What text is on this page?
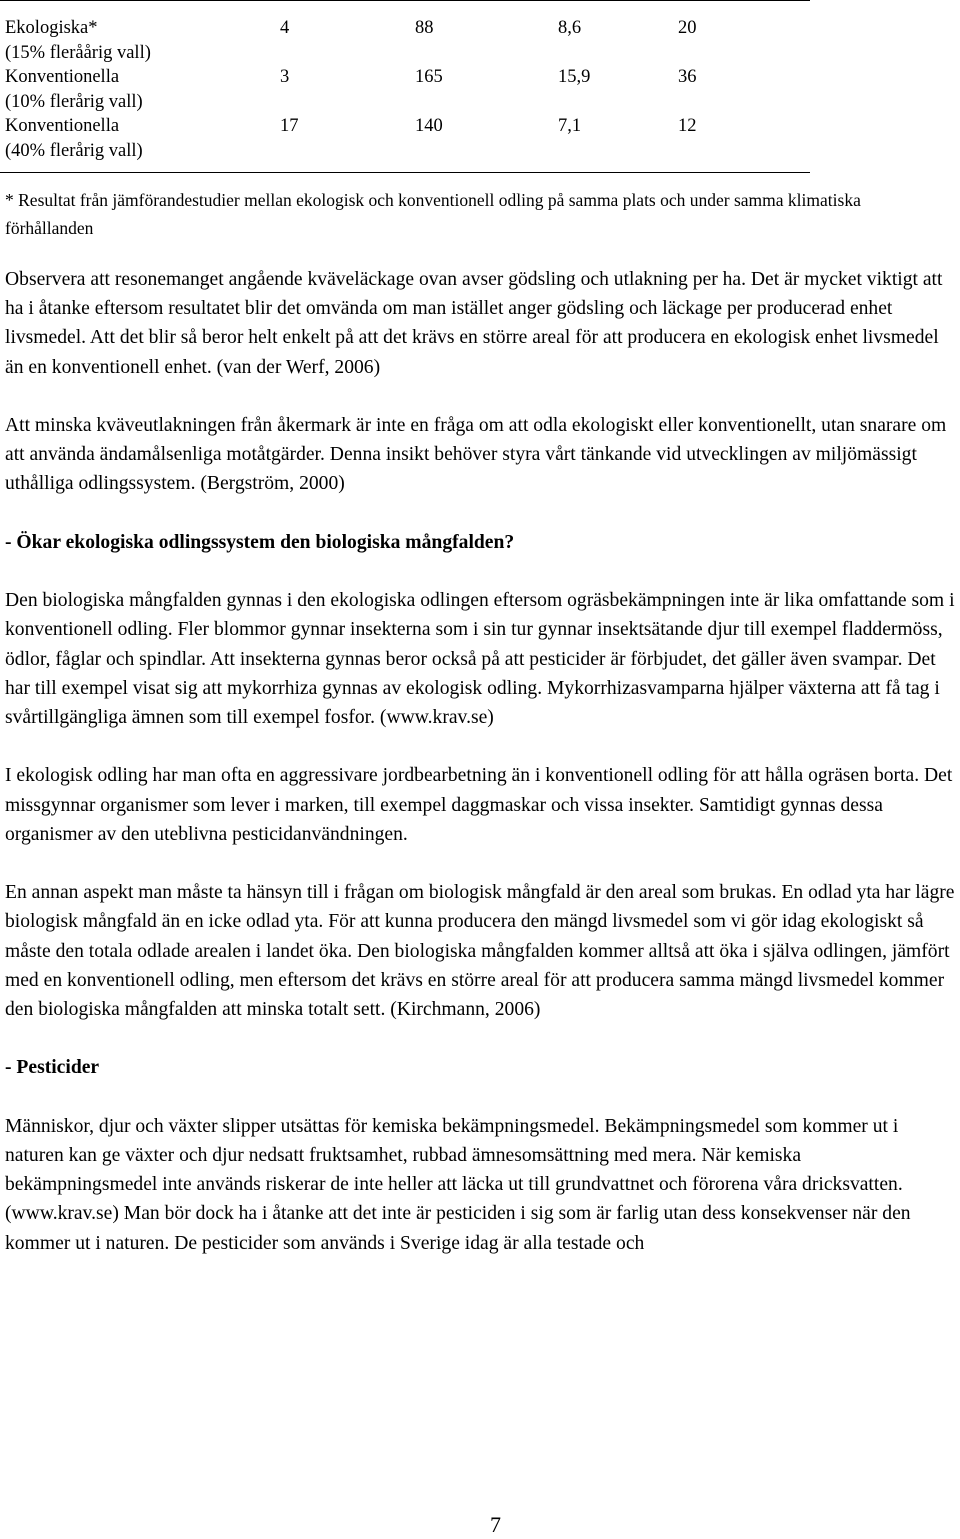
Ekologiska*
(15% fleråårig vall)	4	88	8,6	20
Konventionella
(10% flerårig vall)	3	165	15,9	36
Konventionella
(40% flerårig vall)	17	140	7,1	12
* Resultat från jämförandestudier mellan ekologisk och konventionell odling på samma plats och under samma klimatiska förhållanden

Observera att resonemanget angående kväveläckage ovan avser gödsling och utlakning per ha. Det är mycket viktigt att ha i åtanke eftersom resultatet blir det omvända om man istället anger gödsling och läckage per producerad enhet livsmedel. Att det blir så beror helt enkelt på att det krävs en större areal för att producera en ekologisk enhet livsmedel än en konventionell enhet. (van der Werf, 2006)

Att minska kväveutlakningen från åkermark är inte en fråga om att odla ekologiskt eller konventionellt, utan snarare om att använda ändamålsenliga motåtgärder. Denna insikt behöver styra vårt tänkande vid utvecklingen av miljömässigt uthålliga odlingssystem. (Bergström, 2000)

- Ökar ekologiska odlingssystem den biologiska mångfalden?

Den biologiska mångfalden gynnas i den ekologiska odlingen eftersom ogräsbekämpningen inte är lika omfattande som i konventionell odling. Fler blommor gynnar insekterna som i sin tur gynnar insektsätande djur till exempel fladdermöss, ödlor, fåglar och spindlar. Att insekterna gynnas beror också på att pesticider är förbjudet, det gäller även svampar. Det har till exempel visat sig att mykorrhiza gynnas av ekologisk odling. Mykorrhizasvamparna hjälper växterna att få tag i svårtillgängliga ämnen som till exempel fosfor. (www.krav.se)

I ekologisk odling har man ofta en aggressivare jordbearbetning än i konventionell odling för att hålla ogräsen borta. Det missgynnar organismer som lever i marken, till exempel daggmaskar och vissa insekter. Samtidigt gynnas dessa organismer av den uteblivna pesticidanvändningen.

En annan aspekt man måste ta hänsyn till i frågan om biologisk mångfald är den areal som brukas. En odlad yta har lägre biologisk mångfald än en icke odlad yta. För att kunna producera den mängd livsmedel som vi gör idag ekologiskt så måste den totala odlade arealen i landet öka. Den biologiska mångfalden kommer alltså att öka i själva odlingen, jämfört med en konventionell odling, men eftersom det krävs en större areal för att producera samma mängd livsmedel kommer den biologiska mångfalden att minska totalt sett. (Kirchmann, 2006)

- Pesticider

Människor, djur och växter slipper utsättas för kemiska bekämpningsmedel. Bekämpningsmedel som kommer ut i naturen kan ge växter och djur nedsatt fruktsamhet, rubbad ämnesomsättning med mera. När kemiska bekämpningsmedel inte används riskerar de inte heller att läcka ut till grundvattnet och förorena våra dricksvatten. (www.krav.se) Man bör dock ha i åtanke att det inte är pesticiden i sig som är farlig utan dess konsekvenser när den kommer ut i naturen. De pesticider som används i Sverige idag är alla testade och

7
